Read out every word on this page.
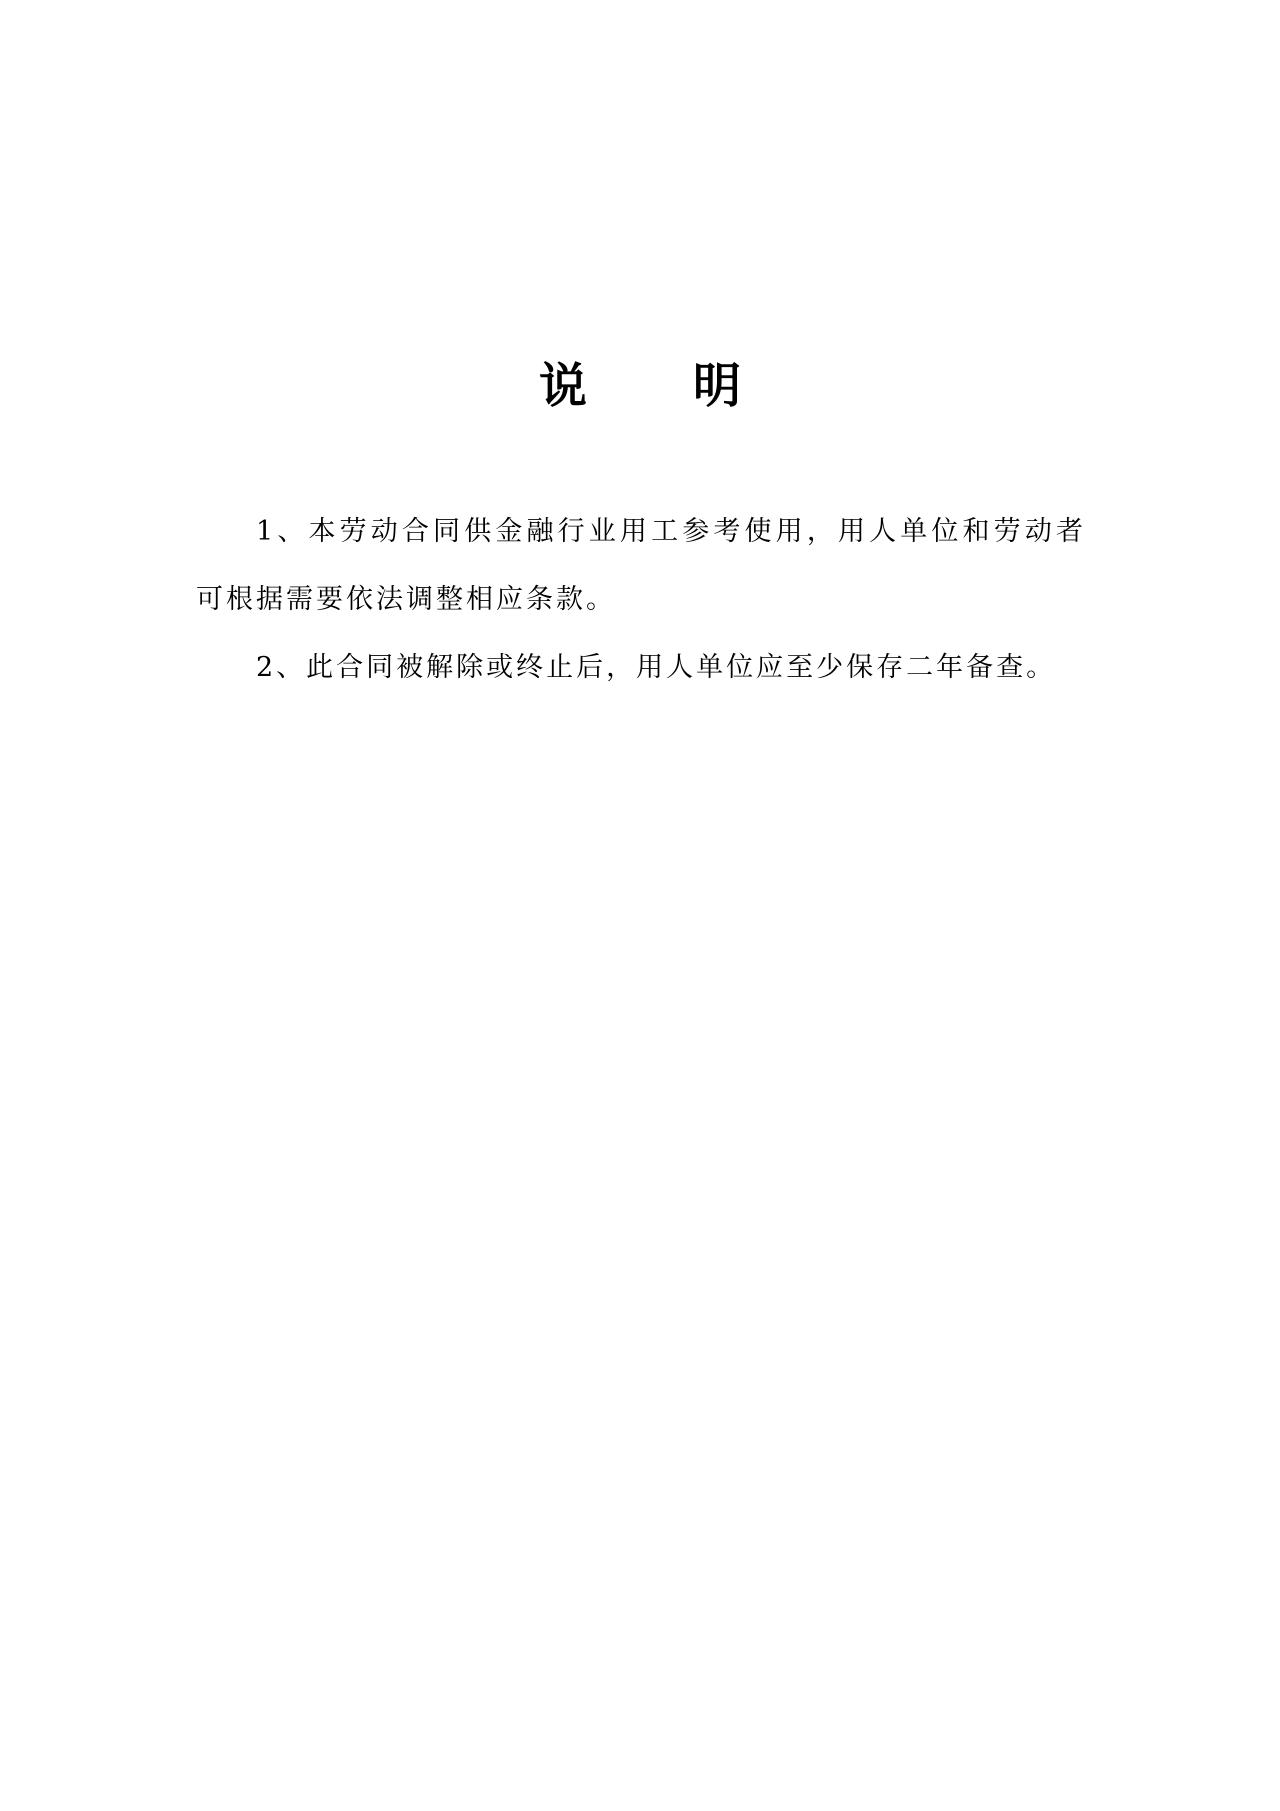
说 明

1、本劳动合同供金融行业用工参考使用，用人单位和劳动者可根据需要依法调整相应条款。

2、此合同被解除或终止后，用人单位应至少保存二年备查。
